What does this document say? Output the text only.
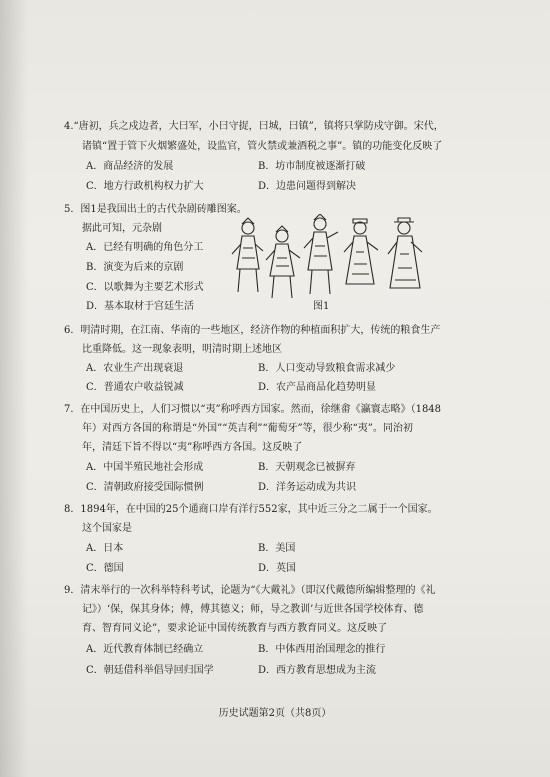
4.“唐初，兵之戍边者，大曰军，小曰守捉，曰城，曰镇”，镇将只掌防戍守御。宋代，
诸镇“置于管下火烟繁盛处，设监官，管火禁或兼酒税之事”。镇的功能变化反映了
A．商品经济的发展	B．坊市制度被逐渐打破
C．地方行政机构权力扩大	D．边患问题得到解决
5．图1是我国出土的古代杂剧砖雕图案。
据此可知，元杂剧
A．已经有明确的角色分工
B．演变为后来的京剧
C．以歌舞为主要艺术形式
D．基本取材于宫廷生活	图1
6．明清时期，在江南、华南的一些地区，经济作物的种植面积扩大，传统的粮食生产
比重降低。这一现象表明，明清时期上述地区
A．农业生产出现衰退	B．人口变动导致粮食需求减少
C．普通农户收益锐减	D．农产品商品化趋势明显
7．在中国历史上，人们习惯以“夷”称呼西方国家。然而，徐继畬《瀛寰志略》（1848
年）对西方各国的称谓是“外国”“英吉利”“葡萄牙”等，很少称“夷”。同治初
年，清廷下旨不得以“夷”称呼西方各国。这反映了
A．中国半殖民地社会形成	B．天朝观念已被摒弃
C．清朝政府接受国际惯例	D．洋务运动成为共识
8．1894年，在中国的25个通商口岸有洋行552家，其中近三分之二属于一个国家。
这个国家是
A．日本	B．美国
C．德国	D．英国
9．清末举行的一次科举特科考试，论题为“《大戴礼》（即汉代戴德所编辑整理的《礼
记》）‘保，保其身体；傅，傅其德义；师，导之教训’与近世各国学校体育、德
育、智育同义论”，要求论证中国传统教育与西方教育同义。这反映了
A．近代教育体制已经确立	B．中体西用治国理念的推行
C．朝廷借科举倡导回归国学	D．西方教育思想成为主流
历史试题第2页（共8页）
